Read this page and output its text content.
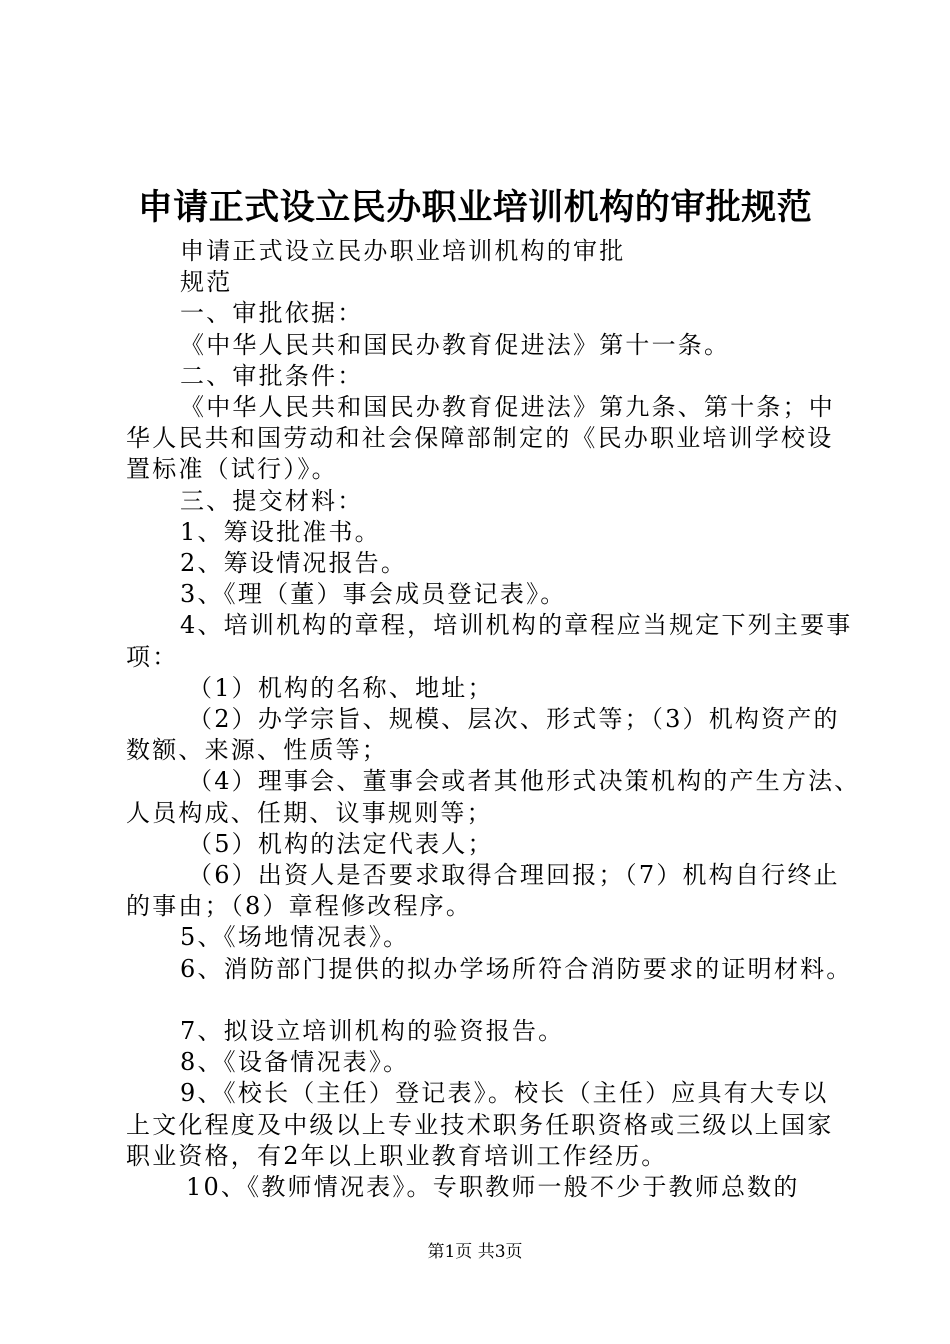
申请正式设立民办职业培训机构的审批规范

申请正式设立民办职业培训机构的审批

规范

一、审批依据：

《中华人民共和国民办教育促进法》第十一条。

二、审批条件：

《中华人民共和国民办教育促进法》第九条、第十条；中

华人民共和国劳动和社会保障部制定的《民办职业培训学校设

置标准（试行）》。

三、提交材料：

1、筹设批准书。

2、筹设情况报告。

3、《理（董）事会成员登记表》。

4、培训机构的章程，培训机构的章程应当规定下列主要事

项：

（1）机构的名称、地址；

（2）办学宗旨、规模、层次、形式等；（3）机构资产的

数额、来源、性质等；

（4）理事会、董事会或者其他形式决策机构的产生方法、

人员构成、任期、议事规则等；

（5）机构的法定代表人；

（6）出资人是否要求取得合理回报；（7）机构自行终止

的事由；（8）章程修改程序。

5、《场地情况表》。

6、消防部门提供的拟办学场所符合消防要求的证明材料。

7、拟设立培训机构的验资报告。

8、《设备情况表》。

9、《校长（主任）登记表》。校长（主任）应具有大专以

上文化程度及中级以上专业技术职务任职资格或三级以上国家

职业资格，有2年以上职业教育培训工作经历。

10、《教师情况表》。专职教师一般不少于教师总数的

第1页 共3页
